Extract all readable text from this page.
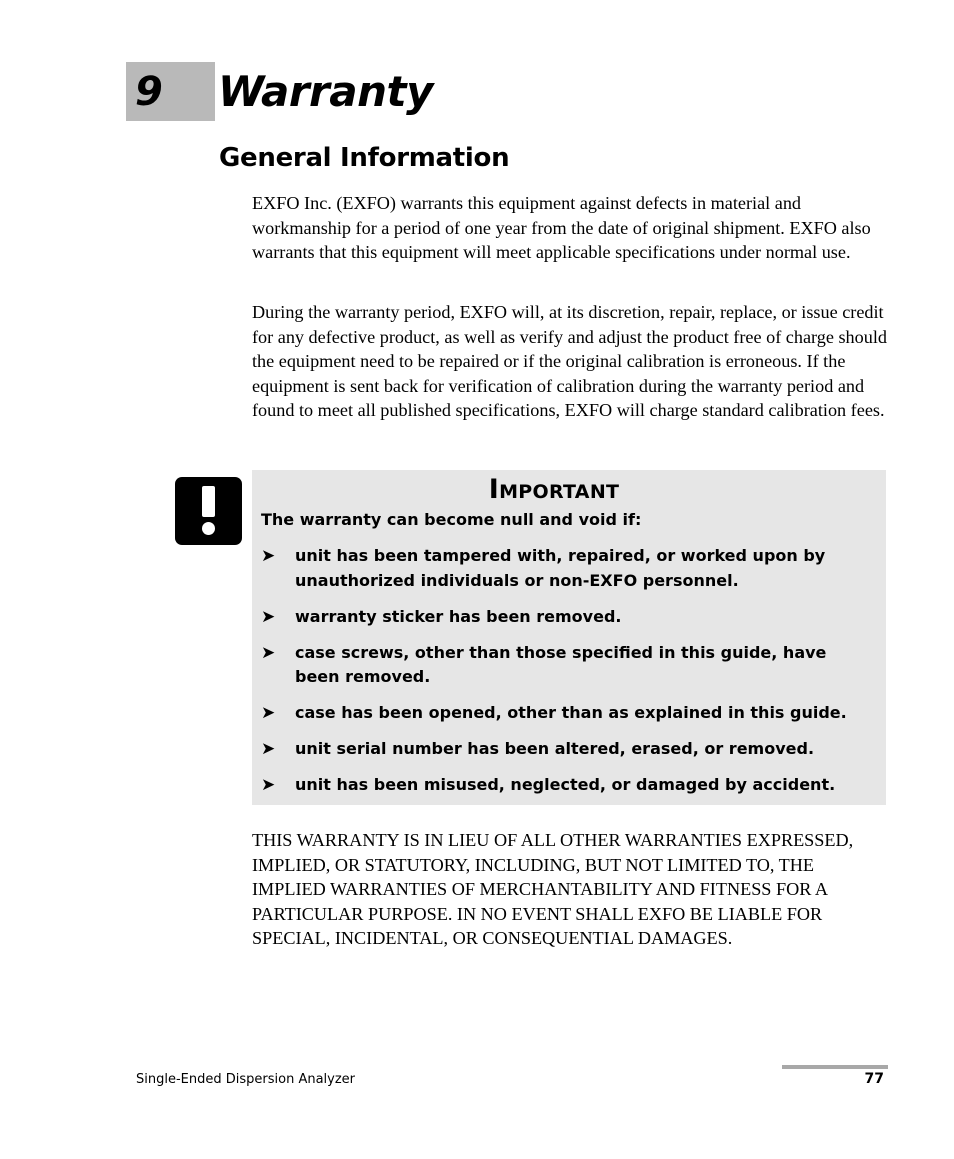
9 Warranty
General Information

EXFO Inc. (EXFO) warrants this equipment against defects in material and workmanship for a period of one year from the date of original shipment. EXFO also warrants that this equipment will meet applicable specifications under normal use.

During the warranty period, EXFO will, at its discretion, repair, replace, or issue credit for any defective product, as well as verify and adjust the product free of charge should the equipment need to be repaired or if the original calibration is erroneous. If the equipment is sent back for verification of calibration during the warranty period and found to meet all published specifications, EXFO will charge standard calibration fees.

Important

The warranty can become null and void if:

➤ unit has been tampered with, repaired, or worked upon by unauthorized individuals or non-EXFO personnel.
➤ warranty sticker has been removed.
➤ case screws, other than those specified in this guide, have been removed.
➤ case has been opened, other than as explained in this guide.
➤ unit serial number has been altered, erased, or removed.
➤ unit has been misused, neglected, or damaged by accident.

THIS WARRANTY IS IN LIEU OF ALL OTHER WARRANTIES EXPRESSED, IMPLIED, OR STATUTORY, INCLUDING, BUT NOT LIMITED TO, THE IMPLIED WARRANTIES OF MERCHANTABILITY AND FITNESS FOR A PARTICULAR PURPOSE. IN NO EVENT SHALL EXFO BE LIABLE FOR SPECIAL, INCIDENTAL, OR CONSEQUENTIAL DAMAGES.

Single-Ended Dispersion Analyzer	77
